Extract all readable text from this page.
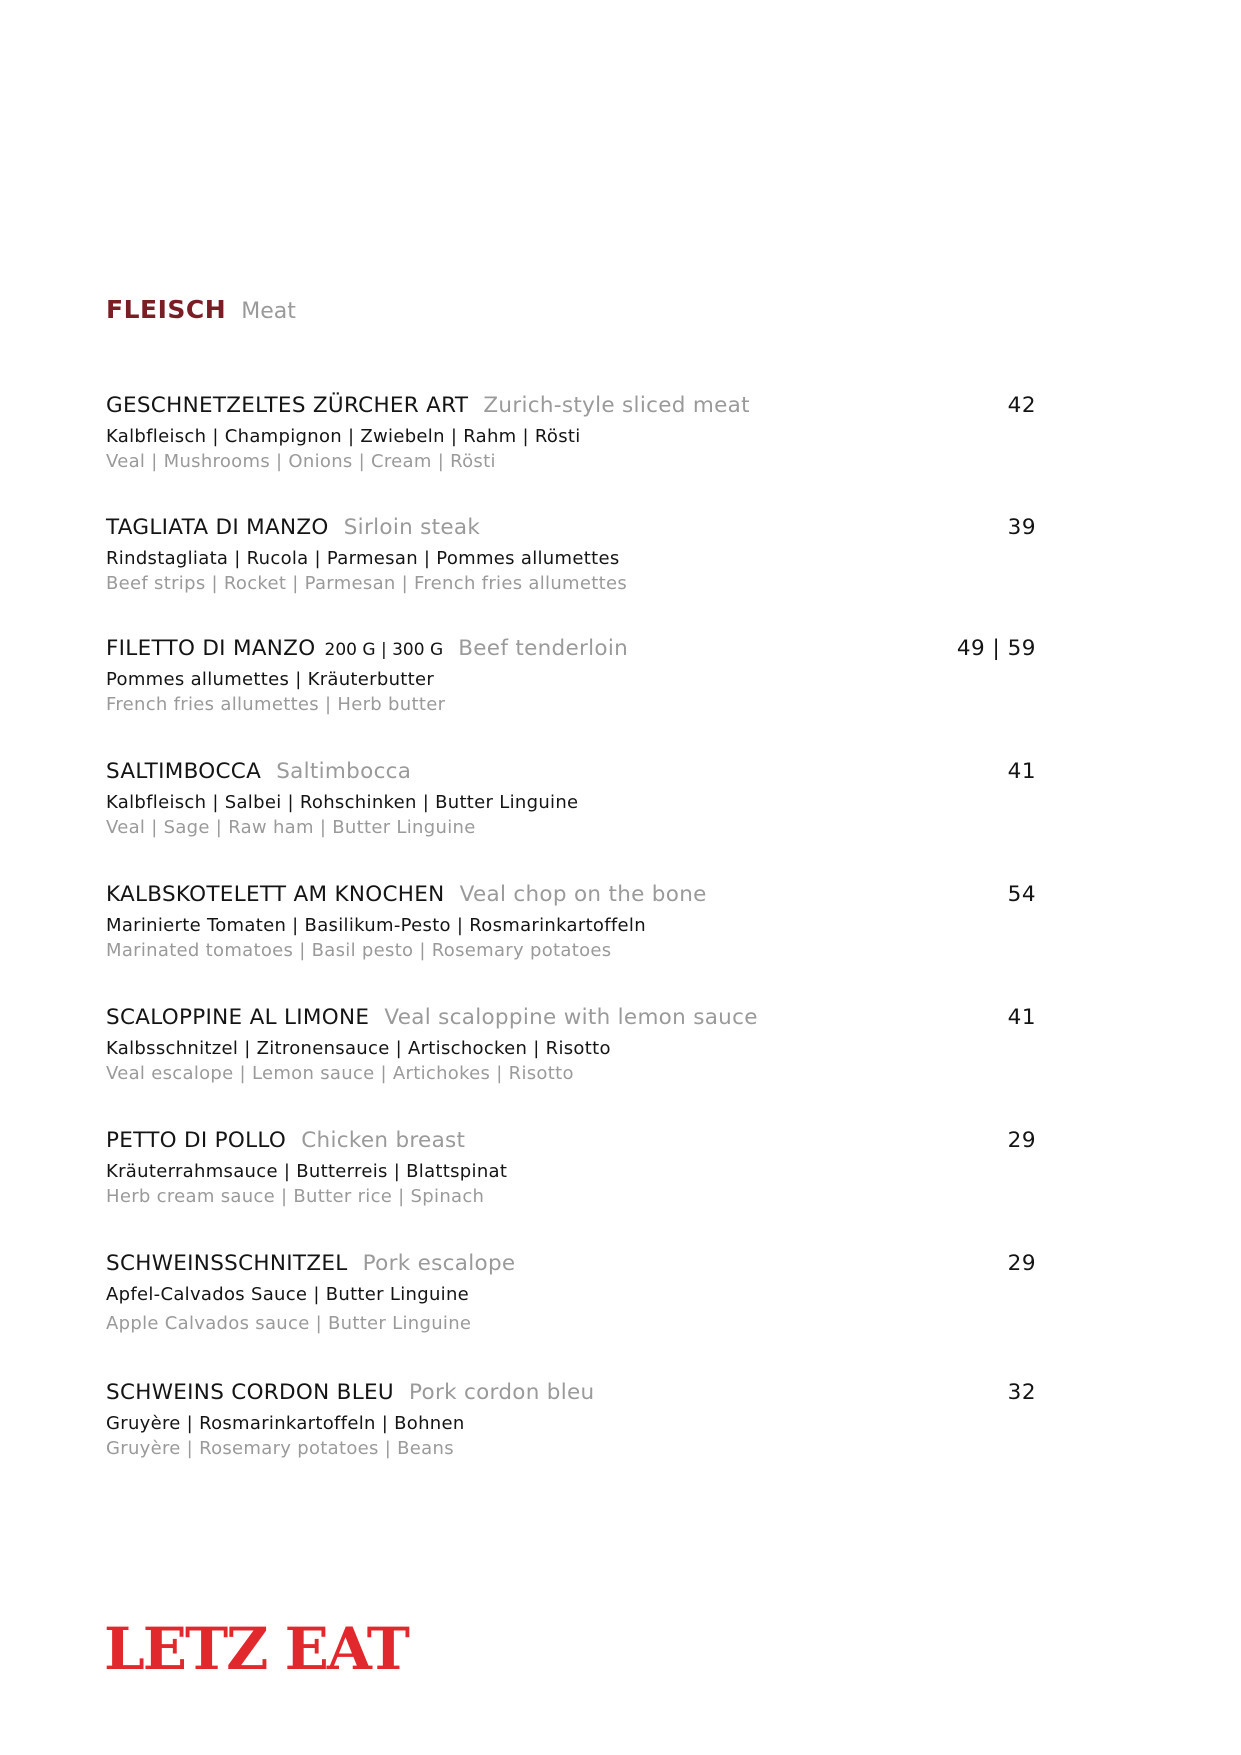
FLEISCH Meat
GESCHNETZELTES ZÜRCHER ART Zurich-style sliced meat	42
Kalbfleisch | Champignon | Zwiebeln | Rahm | Rösti
Veal | Mushrooms | Onions | Cream | Rösti
TAGLIATA DI MANZO Sirloin steak	39
Rindstagliata | Rucola | Parmesan | Pommes allumettes
Beef strips | Rocket | Parmesan | French fries allumettes
FILETTO DI MANZO 200 G | 300 G Beef tenderloin	49 | 59
Pommes allumettes | Kräuterbutter
French fries allumettes | Herb butter
SALTIMBOCCA Saltimbocca	41
Kalbfleisch | Salbei | Rohschinken | Butter Linguine
Veal | Sage | Raw ham | Butter Linguine
KALBSKOTELETT AM KNOCHEN Veal chop on the bone	54
Marinierte Tomaten | Basilikum-Pesto | Rosmarinkartoffeln
Marinated tomatoes | Basil pesto | Rosemary potatoes
SCALOPPINE AL LIMONE Veal scaloppine with lemon sauce	41
Kalbsschnitzel | Zitronensauce | Artischocken | Risotto
Veal escalope | Lemon sauce | Artichokes | Risotto
PETTO DI POLLO Chicken breast	29
Kräuterrahmsauce | Butterreis | Blattspinat
Herb cream sauce | Butter rice | Spinach
SCHWEINSSCHNITZEL Pork escalope	29
Apfel-Calvados Sauce | Butter Linguine
Apple Calvados sauce | Butter Linguine
SCHWEINS CORDON BLEU Pork cordon bleu	32
Gruyère | Rosmarinkartoffeln | Bohnen
Gruyère | Rosemary potatoes | Beans
LETZ EAT
